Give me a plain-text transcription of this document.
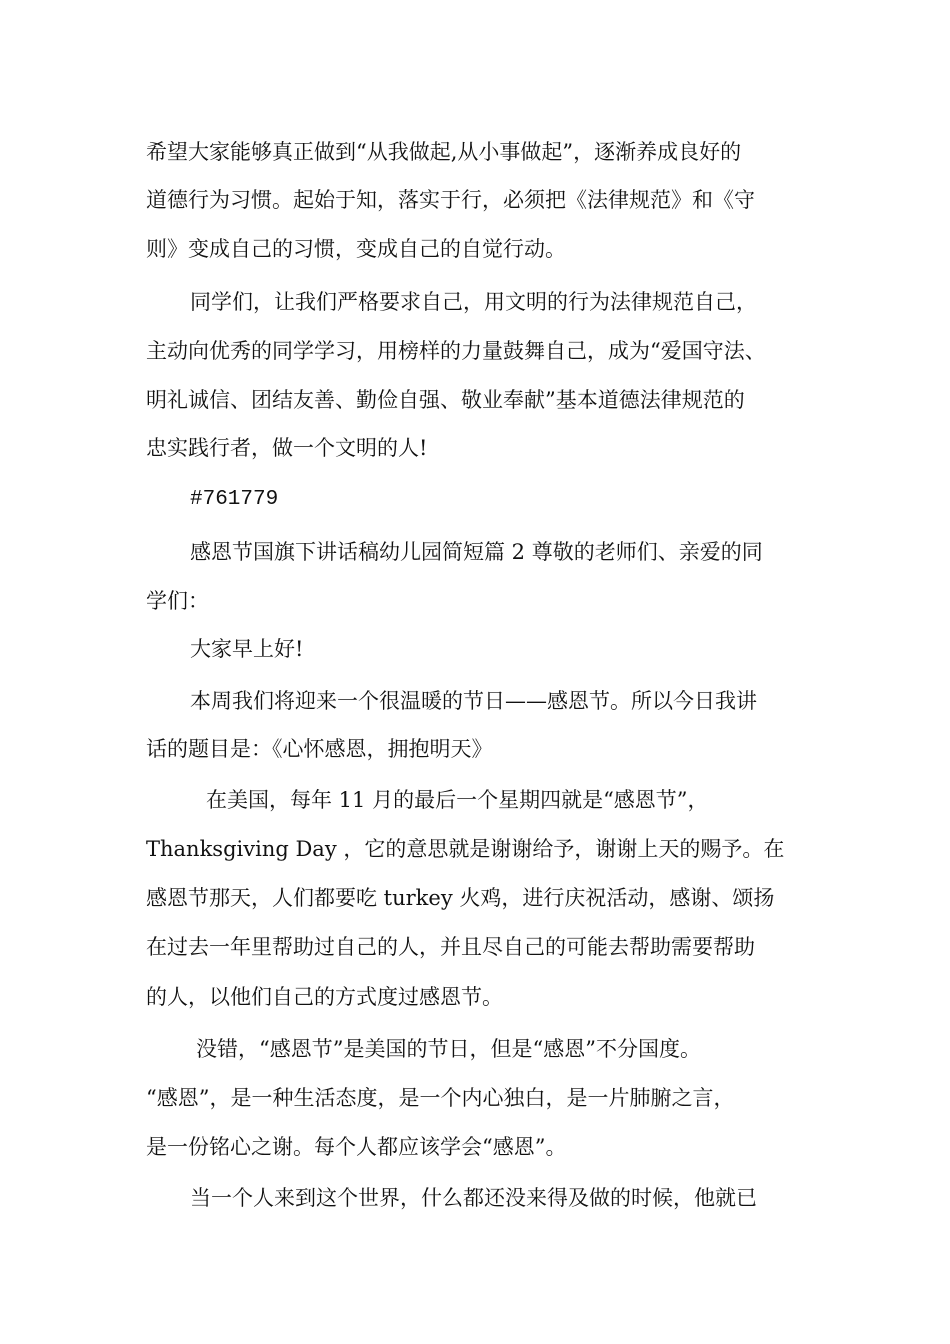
希望大家能够真正做到“从我做起,从小事做起”，逐渐养成良好的
道德行为习惯。起始于知，落实于行，必须把《法律规范》和《守
则》变成自己的习惯，变成自己的自觉行动。
同学们，让我们严格要求自己，用文明的行为法律规范自己，
主动向优秀的同学学习，用榜样的力量鼓舞自己，成为“爱国守法、
明礼诚信、团结友善、勤俭自强、敬业奉献”基本道德法律规范的
忠实践行者，做一个文明的人!
#761779
感恩节国旗下讲话稿幼儿园简短篇 2 尊敬的老师们、亲爱的同
学们：
大家早上好!
本周我们将迎来一个很温暖的节日——感恩节。所以今日我讲
话的题目是：《心怀感恩，拥抱明天》
在美国，每年 11 月的最后一个星期四就是“感恩节”，
Thanksgiving Day ，它的意思就是谢谢给予，谢谢上天的赐予。在
感恩节那天，人们都要吃 turkey 火鸡，进行庆祝活动，感谢、颂扬
在过去一年里帮助过自己的人，并且尽自己的可能去帮助需要帮助
的人，以他们自己的方式度过感恩节。
没错，“感恩节”是美国的节日，但是“感恩”不分国度。
“感恩”，是一种生活态度，是一个内心独白，是一片肺腑之言，
是一份铭心之谢。每个人都应该学会“感恩”。
当一个人来到这个世界，什么都还没来得及做的时候，他就已
